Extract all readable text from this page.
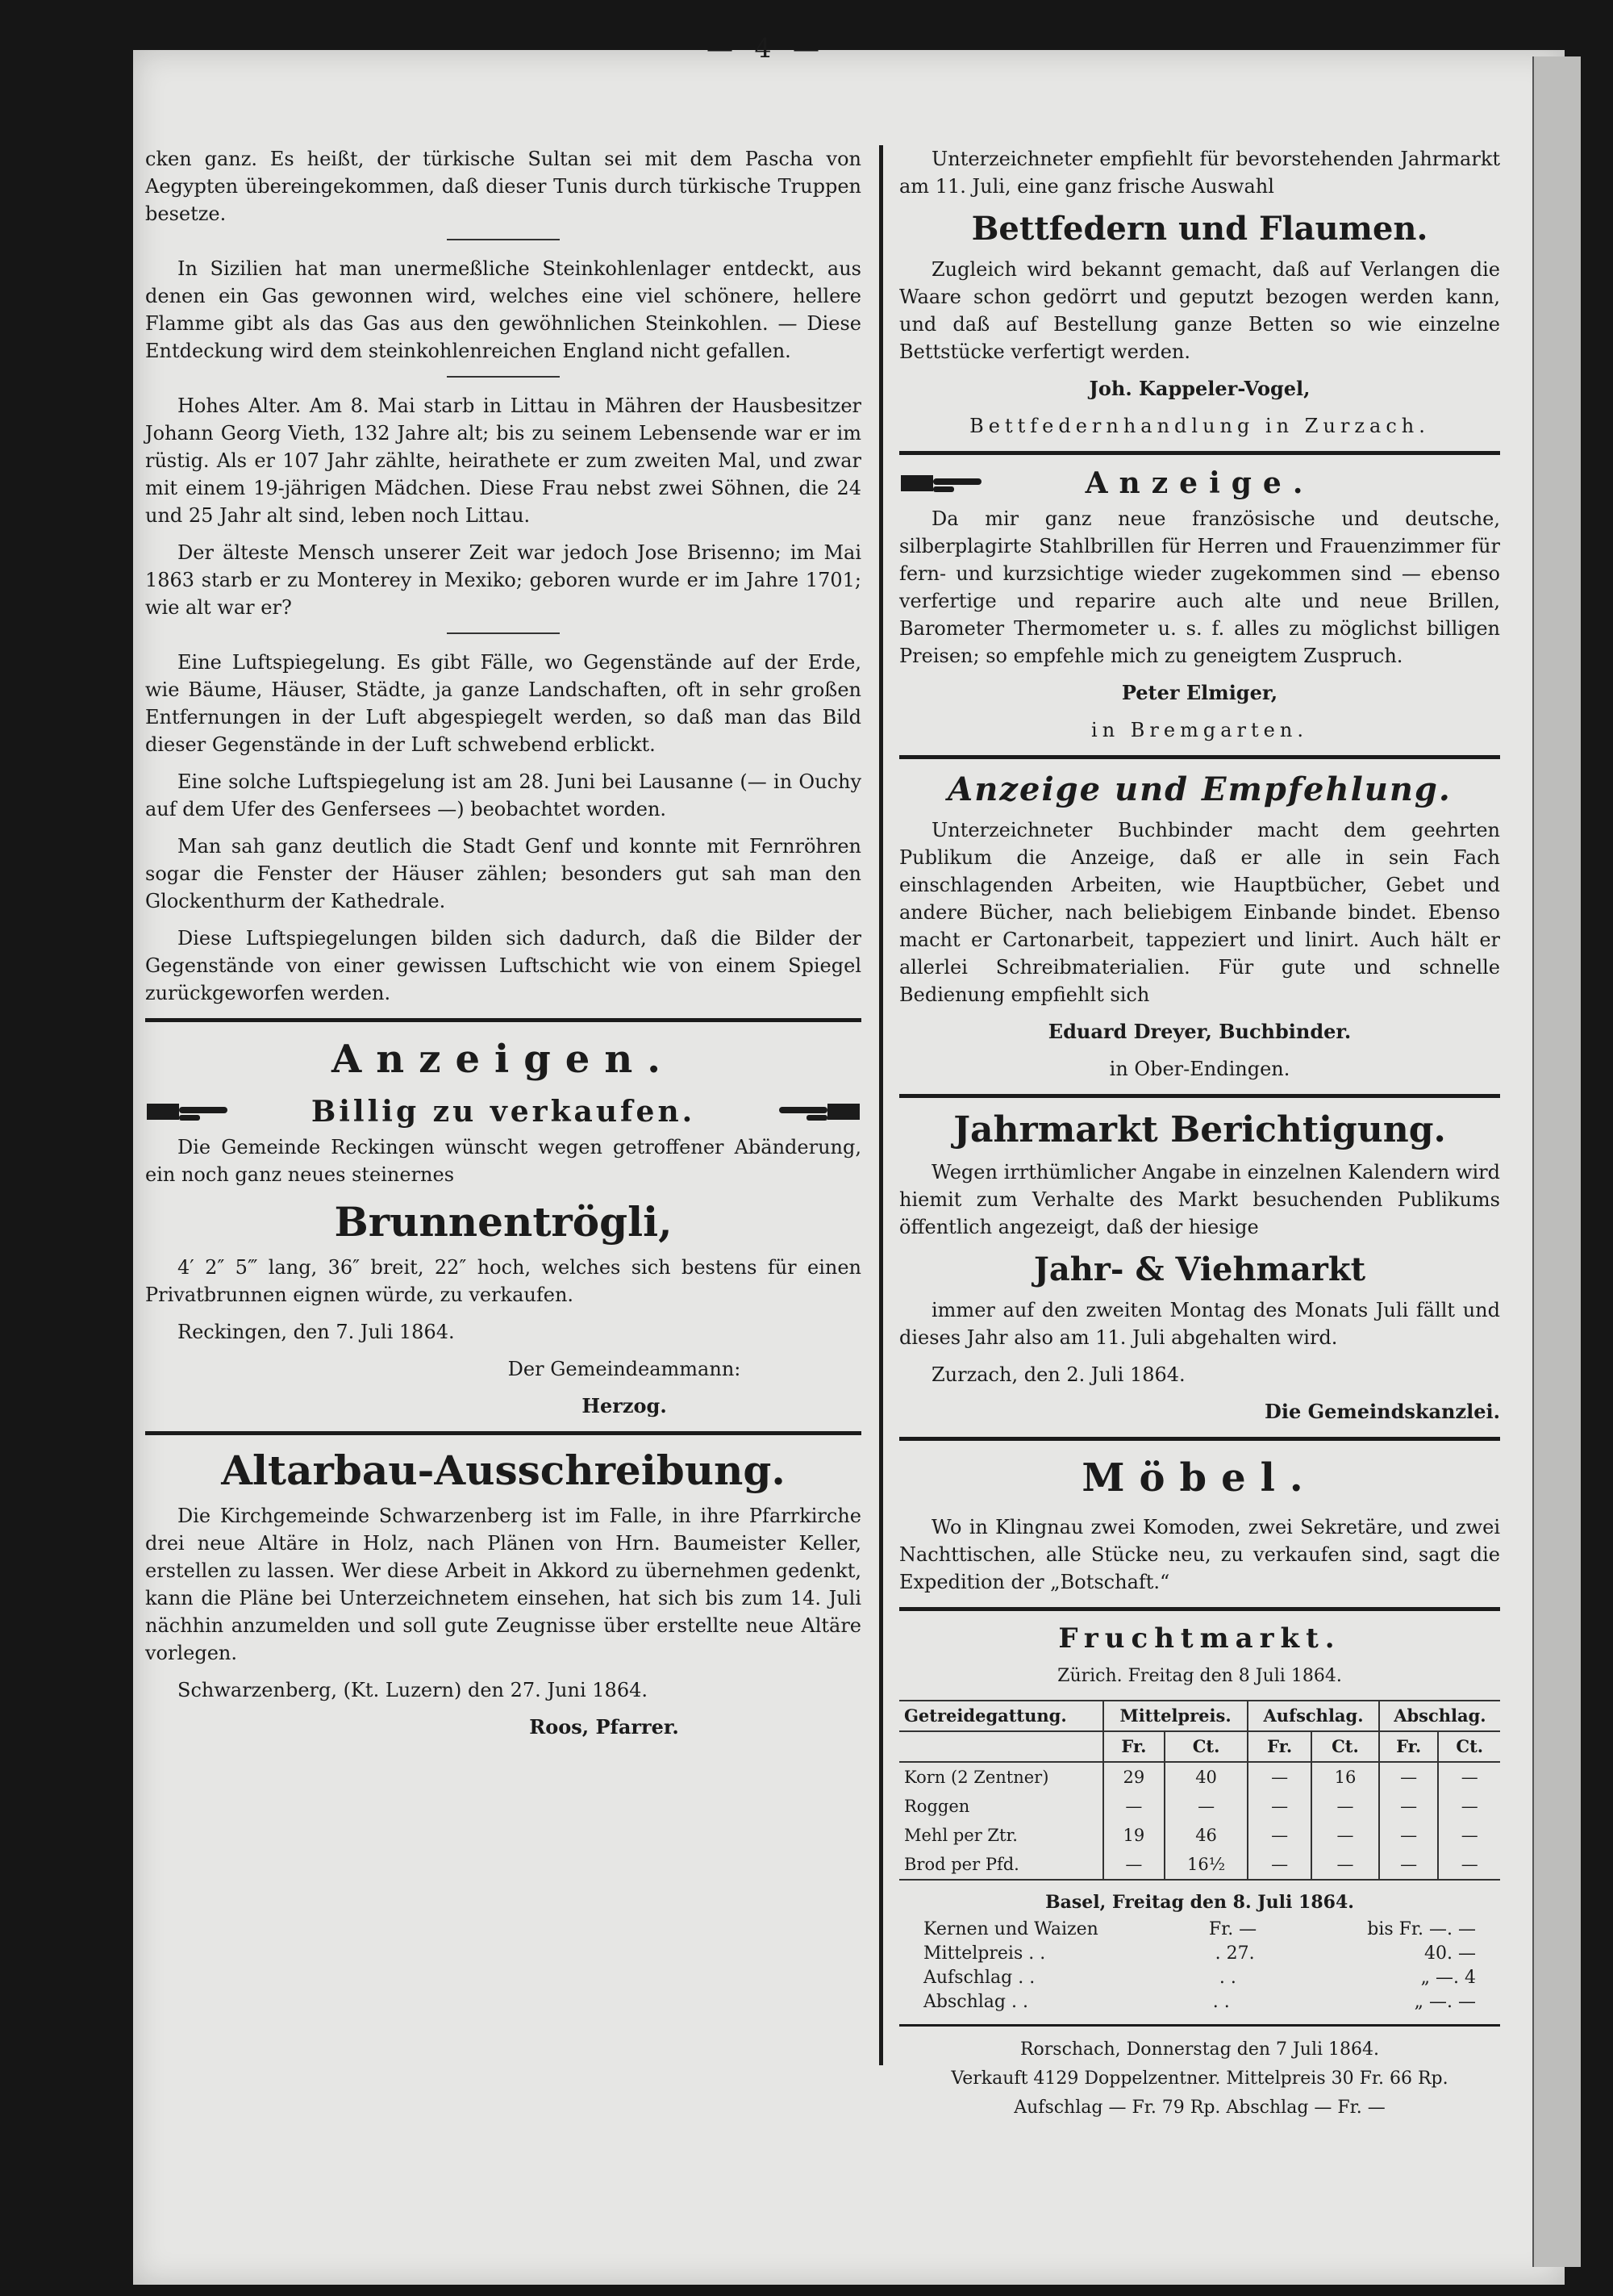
— 4 —

cken ganz. Es heißt, der türkische Sultan sei mit dem Pascha von Aegypten übereingekommen, daß dieser Tunis durch türkische Truppen besetze.

In Sizilien hat man unermeßliche Steinkohlenlager entdeckt, aus denen ein Gas gewonnen wird, welches eine viel schönere, hellere Flamme gibt als das Gas aus den gewöhnlichen Steinkohlen. — Diese Entdeckung wird dem steinkohlenreichen England nicht gefallen.

Hohes Alter. Am 8. Mai starb in Littau in Mähren der Hausbesitzer Johann Georg Vieth, 132 Jahre alt; bis zu seinem Lebensende war er im rüstig. Als er 107 Jahr zählte, heirathete er zum zweiten Mal, und zwar mit einem 19-jährigen Mädchen. Diese Frau nebst zwei Söhnen, die 24 und 25 Jahr alt sind, leben noch Littau.

Der älteste Mensch unserer Zeit war jedoch Jose Brisenno; im Mai 1863 starb er zu Monterey in Mexiko; geboren wurde er im Jahre 1701; wie alt war er?

Eine Luftspiegelung. Es gibt Fälle, wo Gegenstände auf der Erde, wie Bäume, Häuser, Städte, ja ganze Landschaften, oft in sehr großen Entfernungen in der Luft abgespiegelt werden, so daß man das Bild dieser Gegenstände in der Luft schwebend erblickt.

Eine solche Luftspiegelung ist am 28. Juni bei Lausanne (— in Ouchy auf dem Ufer des Genfersees —) beobachtet worden.

Man sah ganz deutlich die Stadt Genf und konnte mit Fernröhren sogar die Fenster der Häuser zählen; besonders gut sah man den Glockenthurm der Kathedrale.

Diese Luftspiegelungen bilden sich dadurch, daß die Bilder der Gegenstände von einer gewissen Luftschicht wie von einem Spiegel zurückgeworfen werden.

Anzeigen.
Billig zu verkaufen.

Die Gemeinde Reckingen wünscht wegen getroffener Abänderung, ein noch ganz neues steinernes

Brunnentrögli,

4′ 2″ 5‴ lang, 36″ breit, 22″ hoch, welches sich bestens für einen Privatbrunnen eignen würde, zu verkaufen.

Reckingen, den 7. Juli 1864.

Der Gemeindeammann:

Herzog.

Altarbau-Ausschreibung.

Die Kirchgemeinde Schwarzenberg ist im Falle, in ihre Pfarrkirche drei neue Altäre in Holz, nach Plänen von Hrn. Baumeister Keller, erstellen zu lassen. Wer diese Arbeit in Akkord zu übernehmen gedenkt, kann die Pläne bei Unterzeichnetem einsehen, hat sich bis zum 14. Juli nächhin anzumelden und soll gute Zeugnisse über erstellte neue Altäre vorlegen.

Schwarzenberg, (Kt. Luzern) den 27. Juni 1864.

Roos, Pfarrer.

Unterzeichneter empfiehlt für bevorstehenden Jahrmarkt am 11. Juli, eine ganz frische Auswahl

Bettfedern und Flaumen.

Zugleich wird bekannt gemacht, daß auf Verlangen die Waare schon gedörrt und geputzt bezogen werden kann, und daß auf Bestellung ganze Betten so wie einzelne Bettstücke verfertigt werden.

Joh. Kappeler-Vogel,

Bettfedernhandlung in Zurzach.

Anzeige.

Da mir ganz neue französische und deutsche, silberplagirte Stahlbrillen für Herren und Frauenzimmer für fern- und kurzsichtige wieder zugekommen sind — ebenso verfertige und reparire auch alte und neue Brillen, Barometer Thermometer u. s. f. alles zu möglichst billigen Preisen; so empfehle mich zu geneigtem Zuspruch.

Peter Elmiger,

in Bremgarten.

Anzeige und Empfehlung.

Unterzeichneter Buchbinder macht dem geehrten Publikum die Anzeige, daß er alle in sein Fach einschlagenden Arbeiten, wie Hauptbücher, Gebet und andere Bücher, nach beliebigem Einbande bindet. Ebenso macht er Cartonarbeit, tappeziert und linirt. Auch hält er allerlei Schreibmaterialien. Für gute und schnelle Bedienung empfiehlt sich

Eduard Dreyer, Buchbinder.

in Ober-Endingen.

Jahrmarkt Berichtigung.

Wegen irrthümlicher Angabe in einzelnen Kalendern wird hiemit zum Verhalte des Markt besuchenden Publikums öffentlich angezeigt, daß der hiesige

Jahr- & Viehmarkt

immer auf den zweiten Montag des Monats Juli fällt und dieses Jahr also am 11. Juli abgehalten wird.

Zurzach, den 2. Juli 1864.

Die Gemeindskanzlei.

Möbel.

Wo in Klingnau zwei Komoden, zwei Sekretäre, und zwei Nachttischen, alle Stücke neu, zu verkaufen sind, sagt die Expedition der „Botschaft.“

Fruchtmarkt.

Zürich. Freitag den 8 Juli 1864.

Getreidegattung.	Mittelpreis.		Aufschlag.		Abschlag.	
	Fr.	Ct.	Fr.	Ct.	Fr.	Ct.
Korn (2 Zentner)	29	40	—	16	—	—
Roggen	—	—	—	—	—	—
Mehl per Ztr.	19	46	—	—	—	—
Brod per Pfd.	—	16½	—	—	—	—

Basel, Freitag den 8. Juli 1864.

Kernen und Waizen	Fr. —	bis Fr. —. —
Mittelpreis . .	. 27.	40. —
Aufschlag . .	. .	„ —. 4
Abschlag . .	. .	„ —. —

Rorschach, Donnerstag den 7 Juli 1864.

Verkauft 4129 Doppelzentner. Mittelpreis 30 Fr. 66 Rp.

Aufschlag — Fr. 79 Rp. Abschlag — Fr. —
